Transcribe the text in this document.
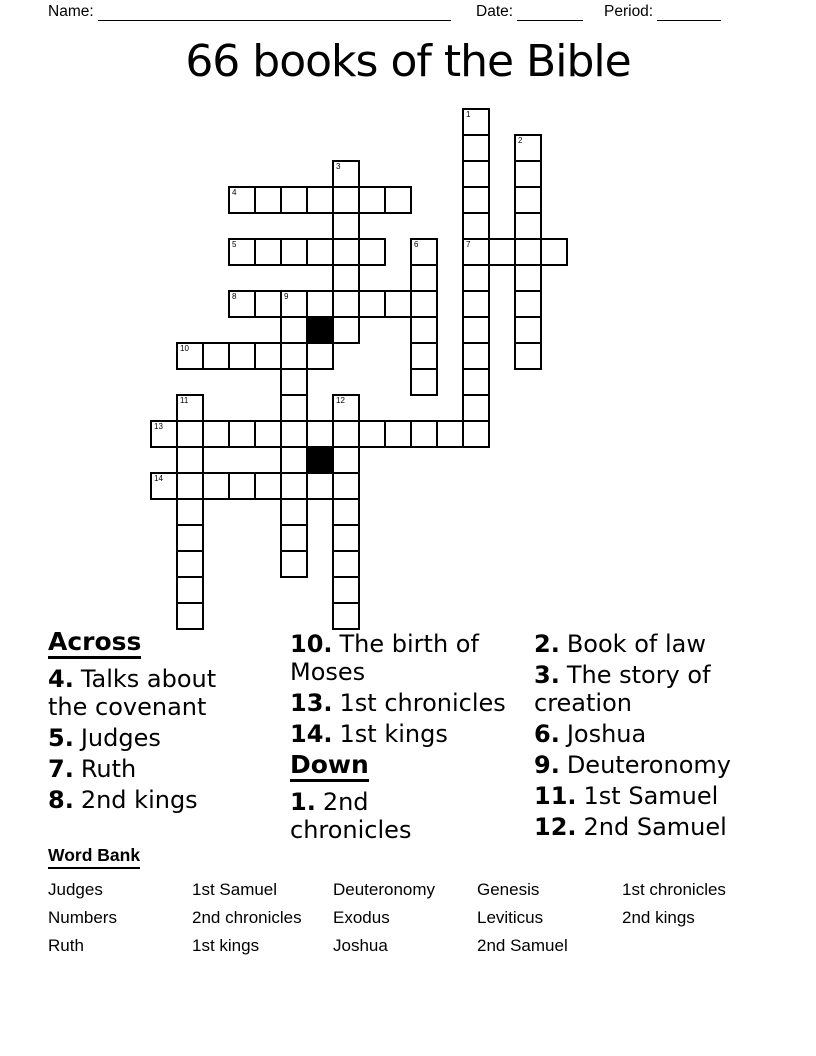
Name:	Date:	Period:
66 books of the Bible
1
7
2
3
4
5	6
8	9
10
11	12
13
14
Across
4. Talks about
the covenant
5. Judges
7. Ruth
8. 2nd kings
10. The birth of
Moses
13. 1st chronicles
14. 1st kings
Down
1. 2nd
chronicles
2. Book of law
3. The story of
creation
6. Joshua
9. Deuteronomy
11. 1st Samuel
12. 2nd Samuel
Word Bank
Judges
Numbers
Ruth
1st Samuel
2nd chronicles
1st kings
Deuteronomy
Exodus
Joshua
Genesis
Leviticus
2nd Samuel
1st chronicles
2nd kings
